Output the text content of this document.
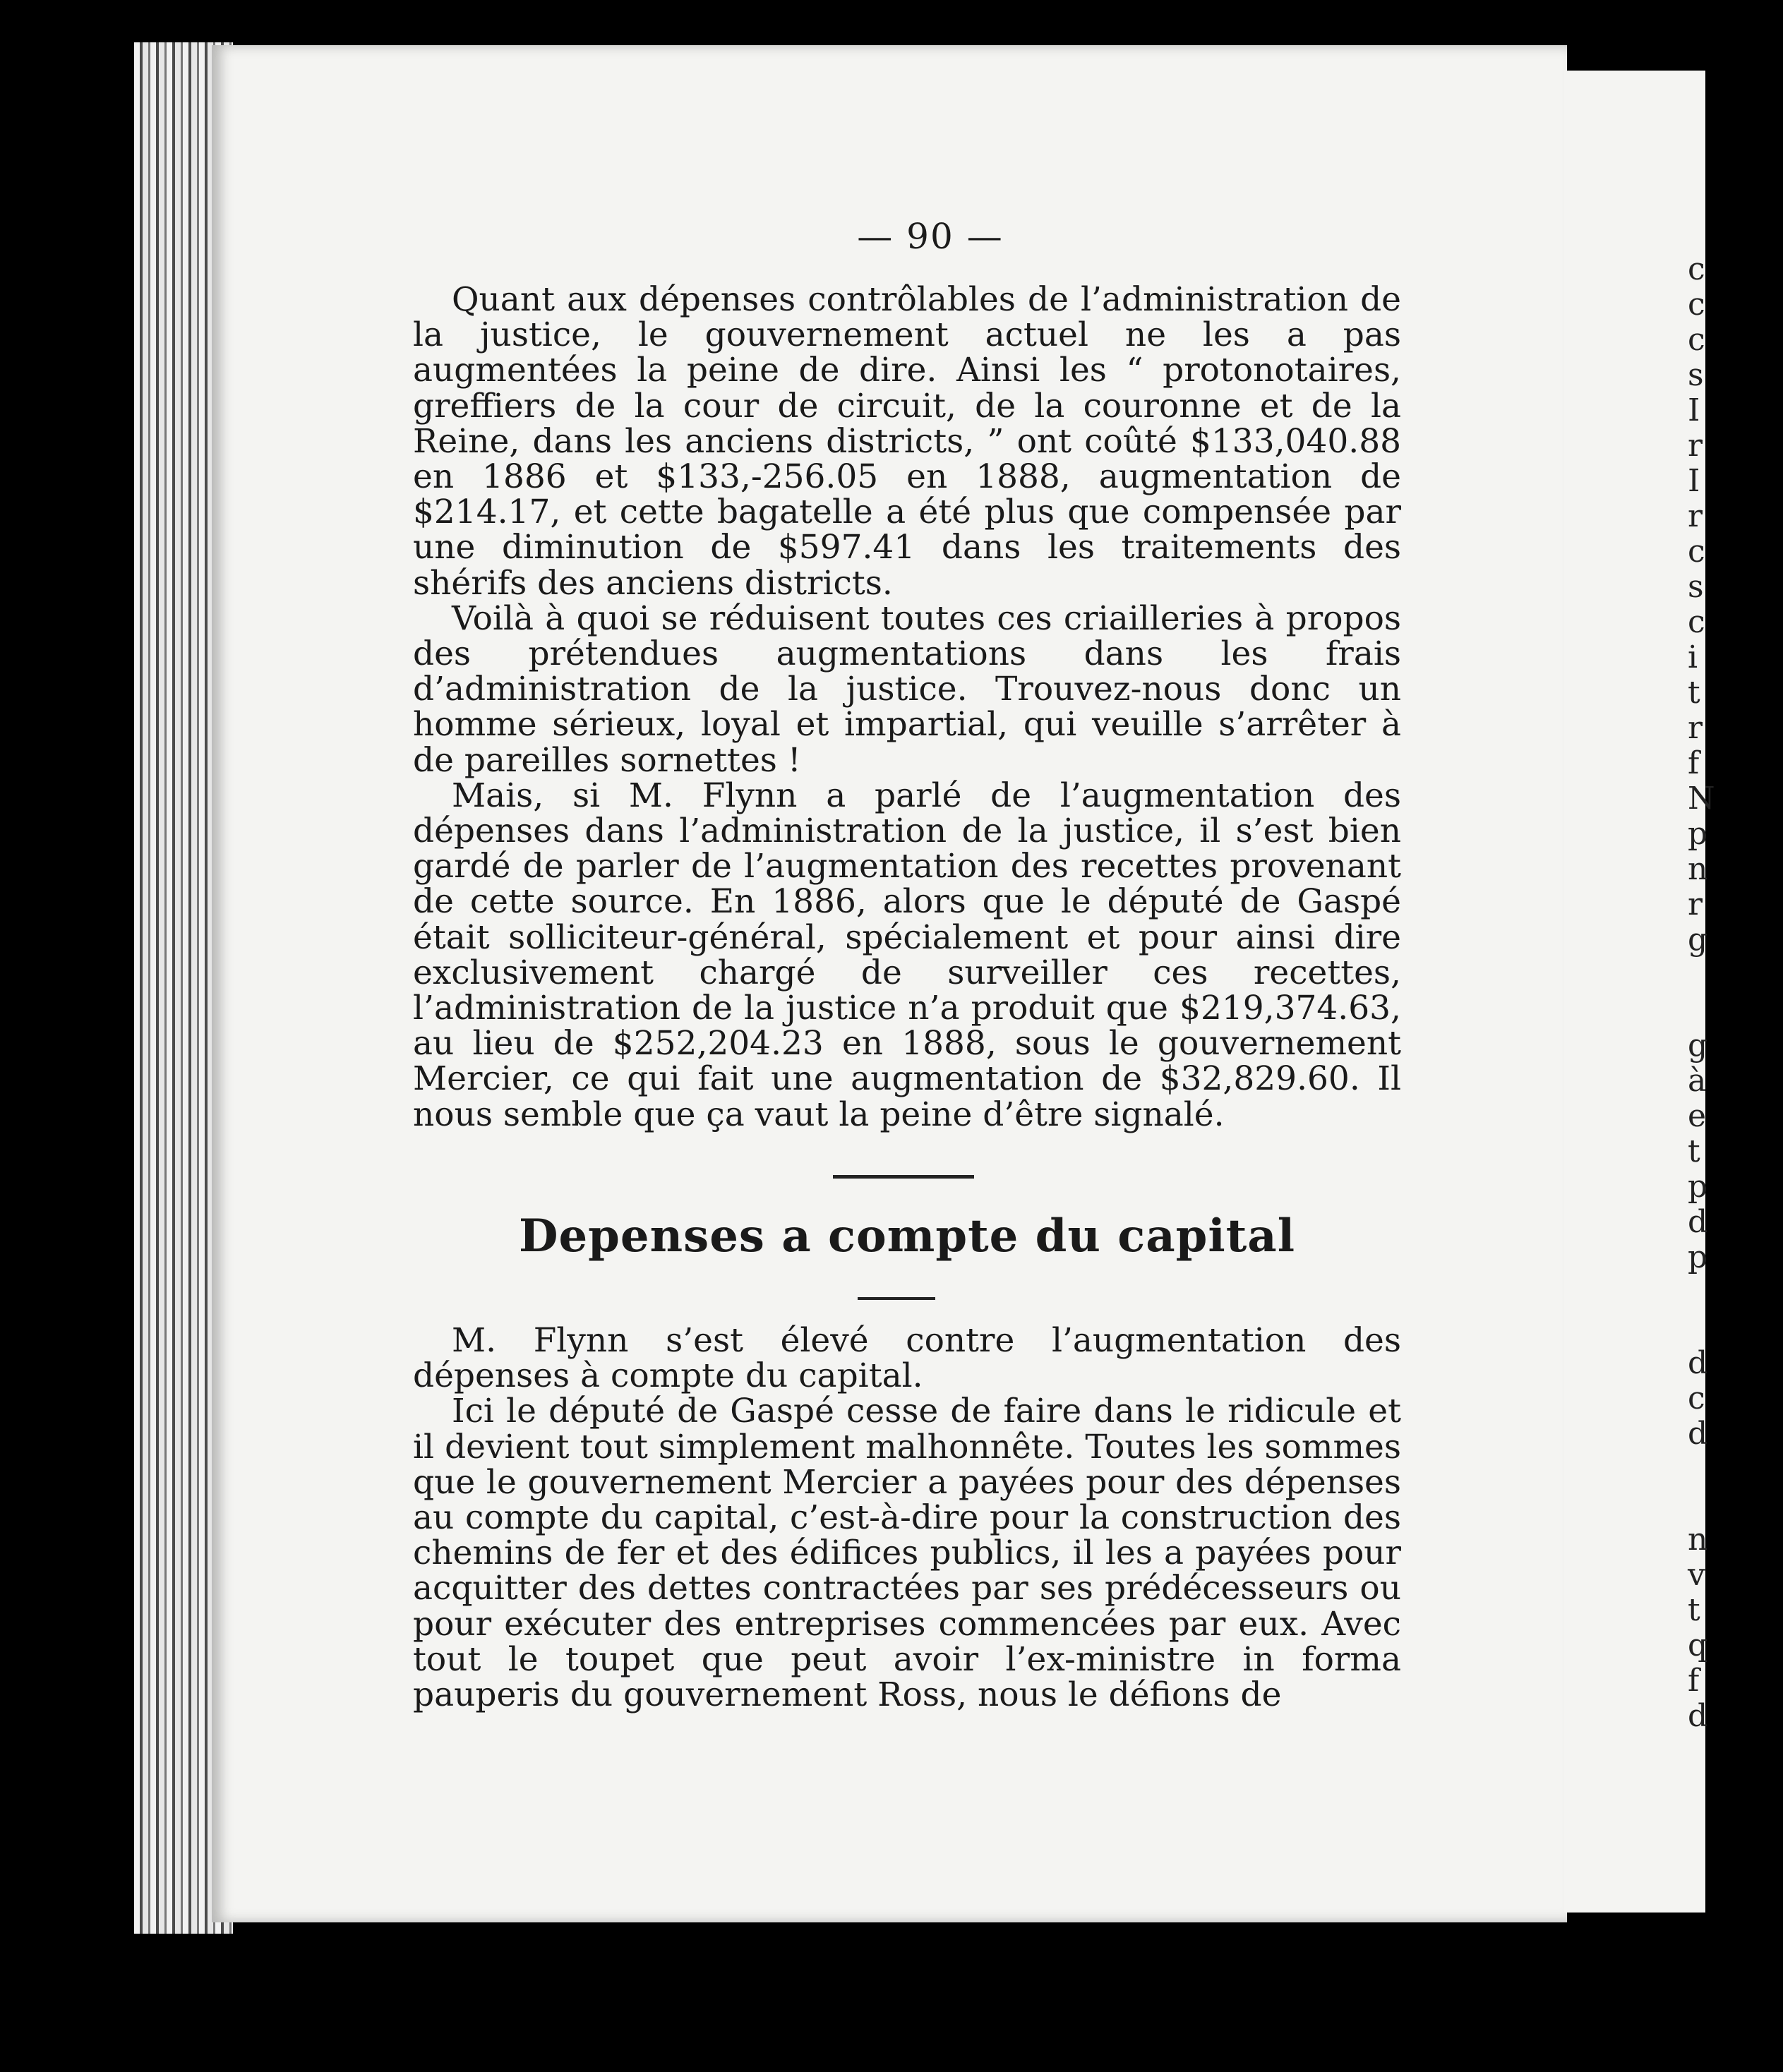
c
c
c
s
I
r
I
r
c
s
c
i
t
r
f
N
p
n
r
g
g
à
e
t
p
d
p
d
c
d
n
v
t
q
f
d
— 90 —

Quant aux dépenses contrôlables de l’administration de la justice, le gouvernement actuel ne les a pas augmentées la peine de dire. Ainsi les “ protonotaires, greffiers de la cour de circuit, de la couronne et de la Reine, dans les anciens districts, ” ont coûté $133,040.88 en 1886 et $133,-256.05 en 1888, augmentation de $214.17, et cette bagatelle a été plus que compensée par une diminution de $597.41 dans les traitements des shérifs des anciens districts.

Voilà à quoi se réduisent toutes ces criailleries à propos des prétendues augmentations dans les frais d’administration de la justice. Trouvez-nous donc un homme sérieux, loyal et impartial, qui veuille s’arrêter à de pareilles sornettes !

Mais, si M. Flynn a parlé de l’augmentation des dépenses dans l’administration de la justice, il s’est bien gardé de parler de l’augmentation des recettes provenant de cette source. En 1886, alors que le député de Gaspé était solliciteur-général, spécialement et pour ainsi dire exclusivement chargé de surveiller ces recettes, l’administration de la justice n’a produit que $219,374.63, au lieu de $252,204.23 en 1888, sous le gouvernement Mercier, ce qui fait une augmentation de $32,829.60. Il nous semble que ça vaut la peine d’être signalé.

Depenses a compte du capital

M. Flynn s’est élevé contre l’augmentation des dépenses à compte du capital.

Ici le député de Gaspé cesse de faire dans le ridicule et il devient tout simplement malhonnête. Toutes les sommes que le gouvernement Mercier a payées pour des dépenses au compte du capital, c’est-à-dire pour la construction des chemins de fer et des édifices publics, il les a payées pour acquitter des dettes contractées par ses prédécesseurs ou pour exécuter des entreprises commencées par eux. Avec tout le toupet que peut avoir l’ex-ministre in forma pauperis du gouvernement Ross, nous le défions de
